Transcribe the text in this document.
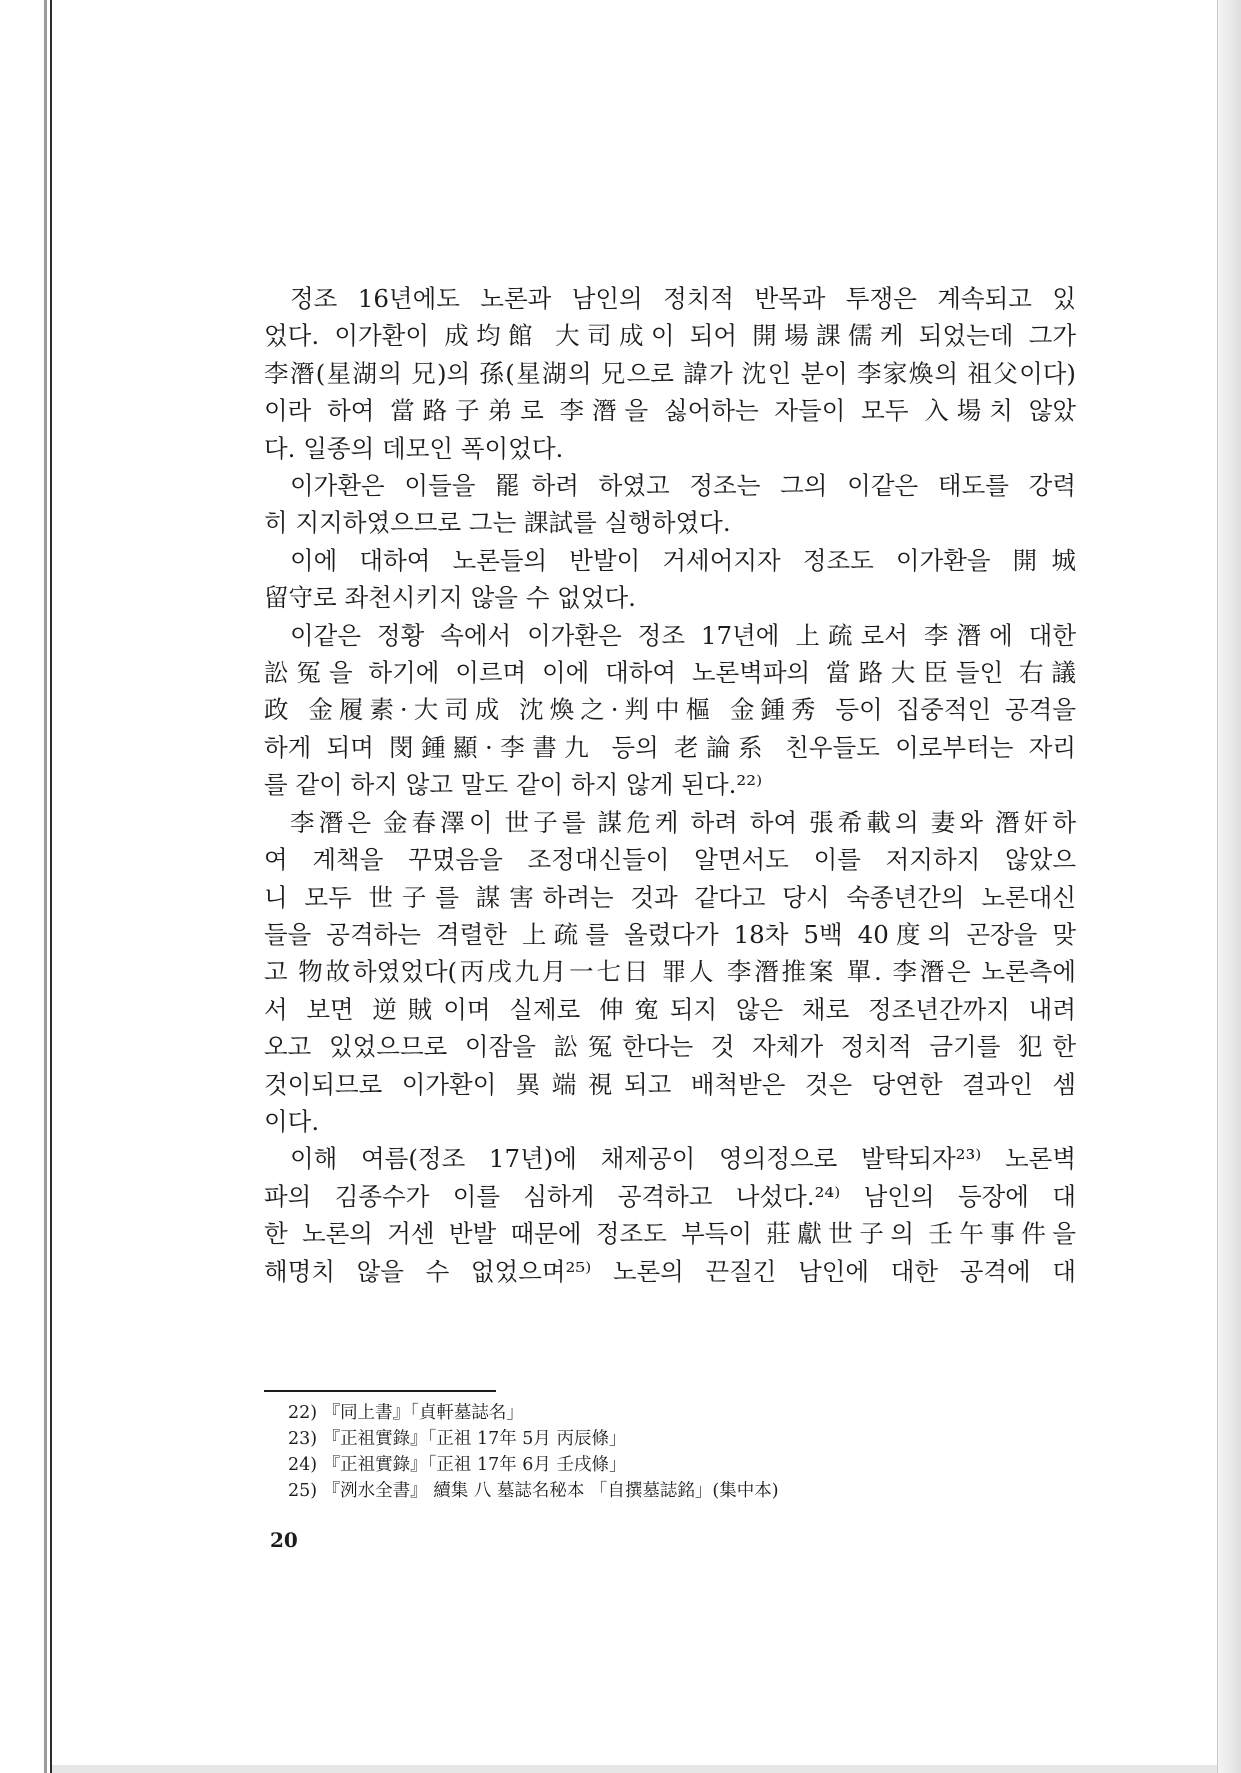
정조 16년에도 노론과 남인의 정치적 반목과 투쟁은 계속되고 있
었다. 이가환이 成均館 大司成이 되어 開場課儒케 되었는데 그가
李潛(星湖의 兄)의 孫(星湖의 兄으로 諱가 沈인 분이 李家煥의 祖父이다)
이라 하여 當路子弟로 李潛을 싫어하는 자들이 모두 入場치 않았
다. 일종의 데모인 폭이었다.
이가환은 이들을 罷하려 하였고 정조는 그의 이같은 태도를 강력
히 지지하였으므로 그는 課試를 실행하였다.
이에 대하여 노론들의 반발이 거세어지자 정조도 이가환을 開城
留守로 좌천시키지 않을 수 없었다.
이같은 정황 속에서 이가환은 정조 17년에 上疏로서 李潛에 대한
訟冤을 하기에 이르며 이에 대하여 노론벽파의 當路大臣들인 右議
政 金履素·大司成 沈煥之·判中樞 金鍾秀 등이 집중적인 공격을
하게 되며 閔鍾顯·李書九 등의 老論系 친우들도 이로부터는 자리
를 같이 하지 않고 말도 같이 하지 않게 된다.²²⁾
李潛은 金春澤이 世子를 謀危케 하려 하여 張希載의 妻와 潛奸하
여 계책을 꾸몄음을 조정대신들이 알면서도 이를 저지하지 않았으
니 모두 世子를 謀害하려는 것과 같다고 당시 숙종년간의 노론대신
들을 공격하는 격렬한 上疏를 올렸다가 18차 5백 40度의 곤장을 맞
고 物故하였었다(丙戌九月一七日 罪人 李潛推案 單. 李潛은 노론측에
서 보면 逆賊이며 실제로 伸寃되지 않은 채로 정조년간까지 내려
오고 있었으므로 이잠을 訟冤한다는 것 자체가 정치적 금기를 犯한
것이되므로 이가환이 異端視되고 배척받은 것은 당연한 결과인 셈
이다.
이해 여름(정조 17년)에 채제공이 영의정으로 발탁되자²³⁾ 노론벽
파의 김종수가 이를 심하게 공격하고 나섰다.²⁴⁾ 남인의 등장에 대
한 노론의 거센 반발 때문에 정조도 부득이 莊獻世子의 壬午事件을
해명치 않을 수 없었으며²⁵⁾ 노론의 끈질긴 남인에 대한 공격에 대
22) 『同上書』「貞軒墓誌名」
23) 『正祖實錄』「正祖 17年 5月 丙辰條」
24) 『正祖實錄』「正祖 17年 6月 壬戌條」
25) 『洌水全書』 續集 八 墓誌名秘本 「自撰墓誌銘」(集中本)
20
